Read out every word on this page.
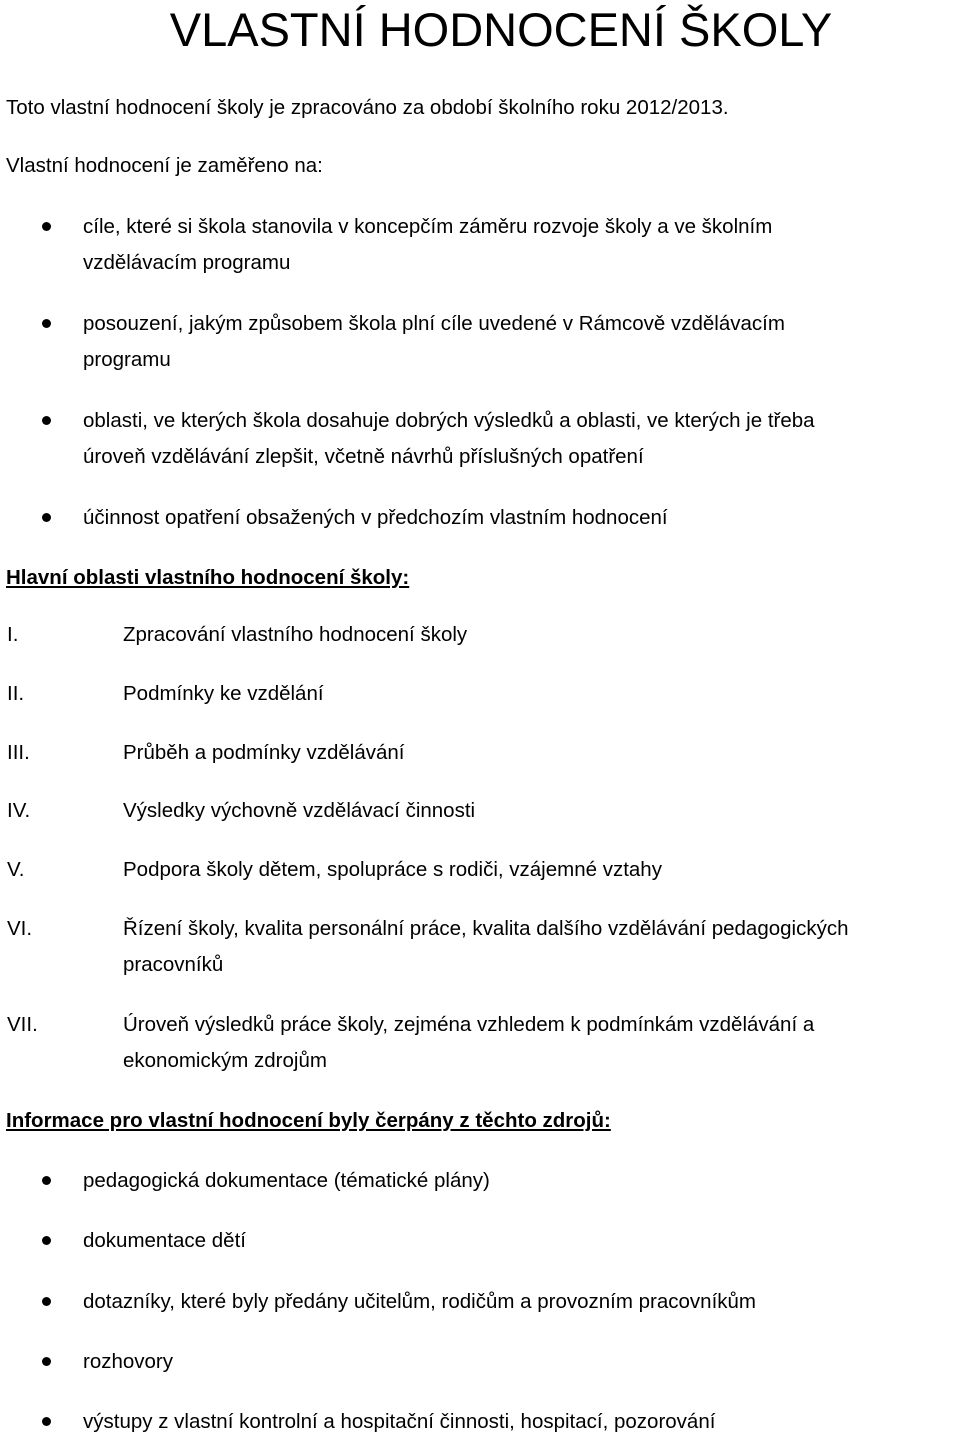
VLASTNÍ HODNOCENÍ ŠKOLY
Toto vlastní hodnocení školy je zpracováno za období školního roku 2012/2013.
Vlastní hodnocení je zaměřeno na:
cíle, které si škola stanovila v koncepčím záměru rozvoje školy a ve školním
vzdělávacím programu
posouzení, jakým způsobem škola plní cíle uvedené v Rámcově vzdělávacím
programu
oblasti, ve kterých škola dosahuje dobrých výsledků a oblasti, ve kterých je třeba
úroveň vzdělávání zlepšit, včetně návrhů příslušných opatření
účinnost opatření obsažených v předchozím vlastním hodnocení
Hlavní oblasti vlastního hodnocení školy:
I.	Zpracování vlastního hodnocení školy
II.	Podmínky ke vzdělání
III.	Průběh a podmínky vzdělávání
IV.	Výsledky výchovně vzdělávací činnosti
V.	Podpora školy dětem, spolupráce s rodiči, vzájemné vztahy
VI.	Řízení školy, kvalita personální práce, kvalita dalšího vzdělávání pedagogických
pracovníků
VII.	Úroveň výsledků práce školy, zejména vzhledem k podmínkám vzdělávání a
ekonomickým zdrojům
Informace pro vlastní hodnocení byly čerpány z těchto zdrojů:
pedagogická dokumentace (tématické plány)
dokumentace dětí
dotazníky, které byly předány učitelům, rodičům a provozním pracovníkům
rozhovory
výstupy z vlastní kontrolní a hospitační činnosti, hospitací, pozorování
